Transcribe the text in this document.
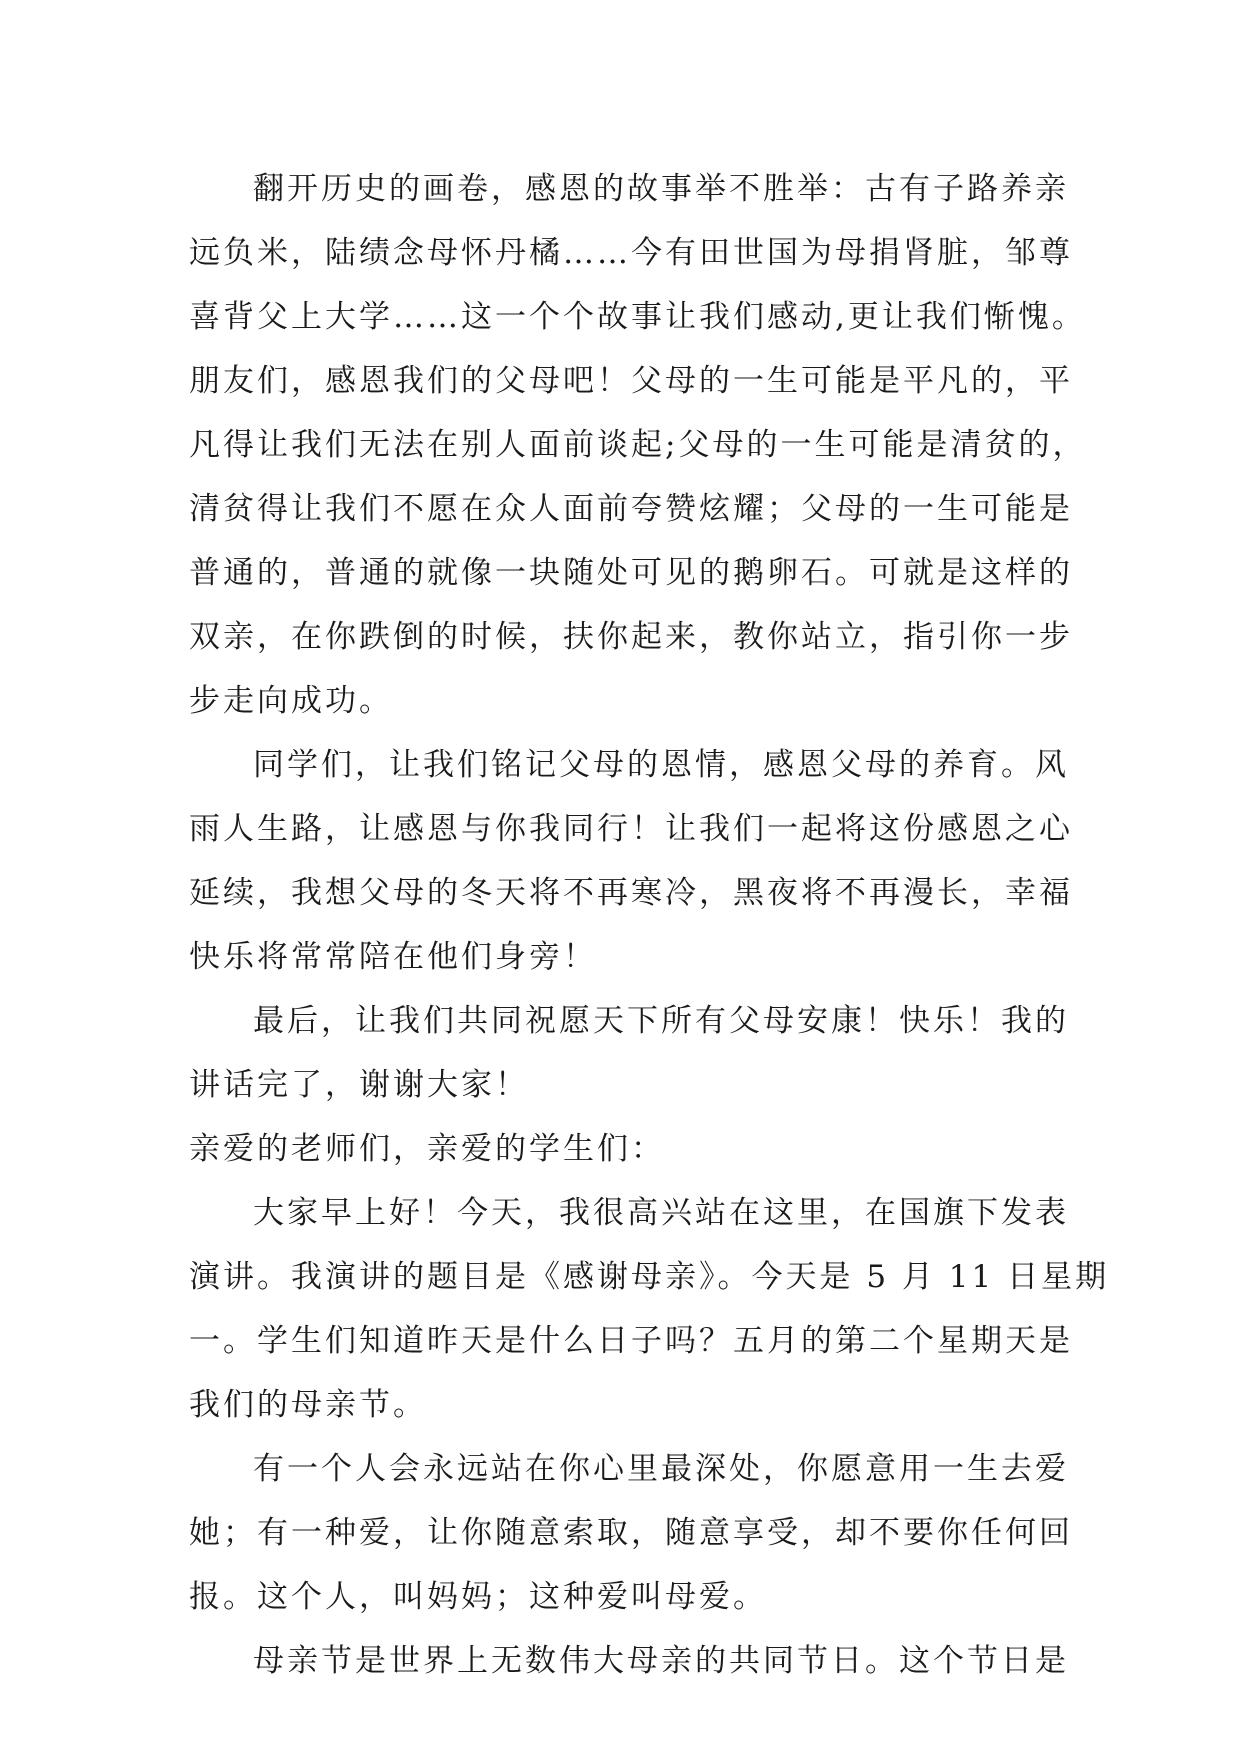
翻开历史的画卷，感恩的故事举不胜举：古有子路养亲
远负米，陆绩念母怀丹橘……今有田世国为母捐肾脏，邹尊
喜背父上大学……这一个个故事让我们感动,更让我们惭愧。
朋友们，感恩我们的父母吧！父母的一生可能是平凡的，平
凡得让我们无法在别人面前谈起;父母的一生可能是清贫的，
清贫得让我们不愿在众人面前夸赞炫耀；父母的一生可能是
普通的，普通的就像一块随处可见的鹅卵石。可就是这样的
双亲，在你跌倒的时候，扶你起来，教你站立，指引你一步
步走向成功。
同学们，让我们铭记父母的恩情，感恩父母的养育。风
雨人生路，让感恩与你我同行！让我们一起将这份感恩之心
延续，我想父母的冬天将不再寒冷，黑夜将不再漫长，幸福
快乐将常常陪在他们身旁！
最后，让我们共同祝愿天下所有父母安康！快乐！我的
讲话完了，谢谢大家！
亲爱的老师们，亲爱的学生们：
大家早上好！今天，我很高兴站在这里，在国旗下发表
演讲。我演讲的题目是《感谢母亲》。今天是 5 月 11 日星期
一。学生们知道昨天是什么日子吗？五月的第二个星期天是
我们的母亲节。
有一个人会永远站在你心里最深处，你愿意用一生去爱
她；有一种爱，让你随意索取，随意享受，却不要你任何回
报。这个人，叫妈妈；这种爱叫母爱。
母亲节是世界上无数伟大母亲的共同节日。这个节日是
